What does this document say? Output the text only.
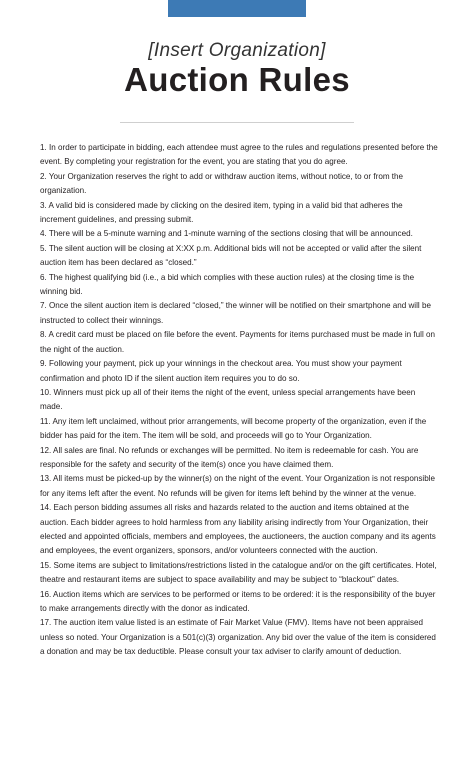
[Insert Organization]
Auction Rules
1. In order to participate in bidding, each attendee must agree to the rules and regulations presented before the event. By completing your registration for the event, you are stating that you do agree.
2. Your Organization reserves the right to add or withdraw auction items, without notice, to or from the organization.
3. A valid bid is considered made by clicking on the desired item, typing in a valid bid that adheres the increment guidelines, and pressing submit.
4. There will be a 5-minute warning and 1-minute warning of the sections closing that will be announced.
5. The silent auction will be closing at X:XX p.m. Additional bids will not be accepted or valid after the silent auction item has been declared as “closed.”
6. The highest qualifying bid (i.e., a bid which complies with these auction rules) at the closing time is the winning bid.
7. Once the silent auction item is declared “closed,” the winner will be notified on their smartphone and will be instructed to collect their winnings.
8. A credit card must be placed on file before the event. Payments for items purchased must be made in full on the night of the auction.
9. Following your payment, pick up your winnings in the checkout area. You must show your payment confirmation and photo ID if the silent auction item requires you to do so.
10. Winners must pick up all of their items the night of the event, unless special arrangements have been made.
11. Any item left unclaimed, without prior arrangements, will become property of the organization, even if the bidder has paid for the item. The item will be sold, and proceeds will go to Your Organization.
12. All sales are final. No refunds or exchanges will be permitted. No item is redeemable for cash. You are responsible for the safety and security of the item(s) once you have claimed them.
13. All items must be picked-up by the winner(s) on the night of the event. Your Organization is not responsible for any items left after the event. No refunds will be given for items left behind by the winner at the venue.
14. Each person bidding assumes all risks and hazards related to the auction and items obtained at the auction. Each bidder agrees to hold harmless from any liability arising indirectly from Your Organization, their elected and appointed officials, members and employees, the auctioneers, the auction company and its agents and employees, the event organizers, sponsors, and/or volunteers connected with the auction.
15. Some items are subject to limitations/restrictions listed in the catalogue and/or on the gift certificates. Hotel, theatre and restaurant items are subject to space availability and may be subject to “blackout” dates.
16. Auction items which are services to be performed or items to be ordered: it is the responsibility of the buyer to make arrangements directly with the donor as indicated.
17. The auction item value listed is an estimate of Fair Market Value (FMV). Items have not been appraised unless so noted. Your Organization is a 501(c)(3) organization. Any bid over the value of the item is considered a donation and may be tax deductible. Please consult your tax adviser to clarify amount of deduction.
